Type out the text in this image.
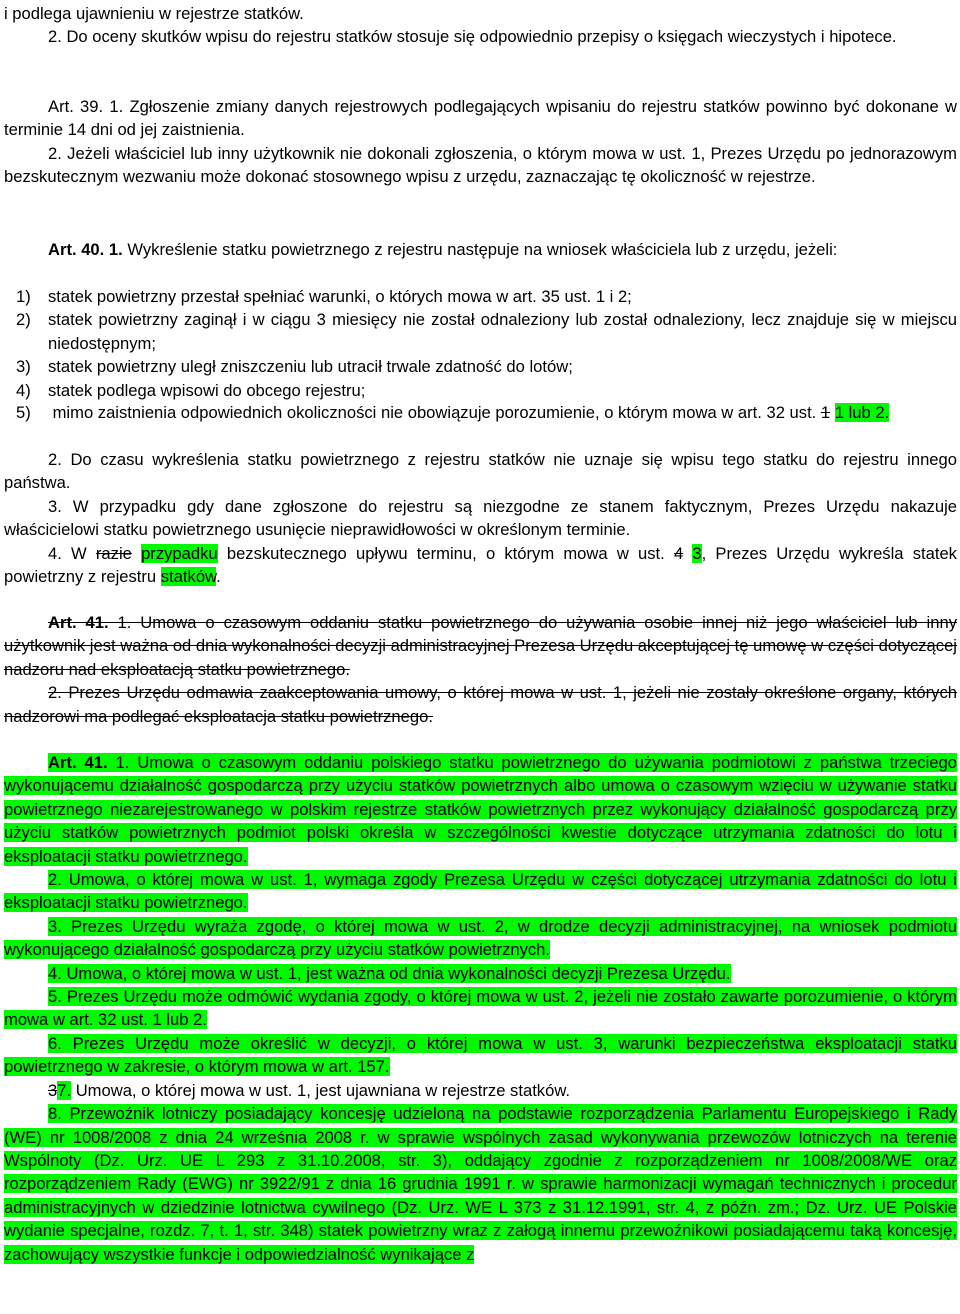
i podlega ujawnieniu w rejestrze statków.

2. Do oceny skutków wpisu do rejestru statków stosuje się odpowiednio przepisy o księgach wieczystych i hipotece.

Art. 39. 1. Zgłoszenie zmiany danych rejestrowych podlegających wpisaniu do rejestru statków powinno być dokonane w terminie 14 dni od jej zaistnienia.

2. Jeżeli właściciel lub inny użytkownik nie dokonali zgłoszenia, o którym mowa w ust. 1, Prezes Urzędu po jednorazowym bezskutecznym wezwaniu może dokonać stosownego wpisu z urzędu, zaznaczając tę okoliczność w rejestrze.

Art. 40. 1. Wykreślenie statku powietrznego z rejestru następuje na wniosek właściciela lub z urzędu, jeżeli:

1) statek powietrzny przestał spełniać warunki, o których mowa w art. 35 ust. 1 i 2;
2) statek powietrzny zaginął i w ciągu 3 miesięcy nie został odnaleziony lub został odnaleziony, lecz znajduje się w miejscu niedostępnym;
3) statek powietrzny uległ zniszczeniu lub utracił trwale zdatność do lotów;
4) statek podlega wpisowi do obcego rejestru;

5) mimo zaistnienia odpowiednich okoliczności nie obowiązuje porozumienie, o którym mowa w art. 32 ust. 1 1 lub 2.

2. Do czasu wykreślenia statku powietrznego z rejestru statków nie uznaje się wpisu tego statku do rejestru innego państwa.

3. W przypadku gdy dane zgłoszone do rejestru są niezgodne ze stanem faktycznym, Prezes Urzędu nakazuje właścicielowi statku powietrznego usunięcie nieprawidłowości w określonym terminie.

4. W razie przypadku bezskutecznego upływu terminu, o którym mowa w ust. 4 3, Prezes Urzędu wykreśla statek powietrzny z rejestru statków.

Art. 41. 1. Umowa o czasowym oddaniu statku powietrznego do używania osobie innej niż jego właściciel lub inny użytkownik jest ważna od dnia wykonalności decyzji administracyjnej Prezesa Urzędu akceptującej tę umowę w części dotyczącej nadzoru nad eksploatacją statku powietrznego.

2. Prezes Urzędu odmawia zaakceptowania umowy, o której mowa w ust. 1, jeżeli nie zostały określone organy, których nadzorowi ma podlegać eksploatacja statku powietrznego.

Art. 41. 1. Umowa o czasowym oddaniu polskiego statku powietrznego do używania podmiotowi z państwa trzeciego wykonującemu działalność gospodarczą przy użyciu statków powietrznych albo umowa o czasowym wzięciu w używanie statku powietrznego niezarejestrowanego w polskim rejestrze statków powietrznych przez wykonujący działalność gospodarczą przy użyciu statków powietrznych podmiot polski określa w szczególności kwestie dotyczące utrzymania zdatności do lotu i eksploatacji statku powietrznego.

2. Umowa, o której mowa w ust. 1, wymaga zgody Prezesa Urzędu w części dotyczącej utrzymania zdatności do lotu i eksploatacji statku powietrznego.

3. Prezes Urzędu wyraża zgodę, o której mowa w ust. 2, w drodze decyzji administracyjnej, na wniosek podmiotu wykonującego działalność gospodarczą przy użyciu statków powietrznych.

4. Umowa, o której mowa w ust. 1, jest ważna od dnia wykonalności decyzji Prezesa Urzędu.

5. Prezes Urzędu może odmówić wydania zgody, o której mowa w ust. 2, jeżeli nie zostało zawarte porozumienie, o którym mowa w art. 32 ust. 1 lub 2.

6. Prezes Urzędu może określić w decyzji, o której mowa w ust. 3, warunki bezpieczeństwa eksploatacji statku powietrznego w zakresie, o którym mowa w art. 157.

37. Umowa, o której mowa w ust. 1, jest ujawniana w rejestrze statków.

8. Przewoźnik lotniczy posiadający koncesję udzieloną na podstawie rozporządzenia Parlamentu Europejskiego i Rady (WE) nr 1008/2008 z dnia 24 września 2008 r. w sprawie wspólnych zasad wykonywania przewozów lotniczych na terenie Wspólnoty (Dz. Urz. UE L 293 z 31.10.2008, str. 3), oddający zgodnie z rozporządzeniem nr 1008/2008/WE oraz rozporządzeniem Rady (EWG) nr 3922/91 z dnia 16 grudnia 1991 r. w sprawie harmonizacji wymagań technicznych i procedur administracyjnych w dziedzinie lotnictwa cywilnego (Dz. Urz. WE L 373 z 31.12.1991, str. 4, z późn. zm.; Dz. Urz. UE Polskie wydanie specjalne, rozdz. 7, t. 1, str. 348) statek powietrzny wraz z załogą innemu przewoźnikowi posiadającemu taką koncesję, zachowujący wszystkie funkcje i odpowiedzialność wynikające z
